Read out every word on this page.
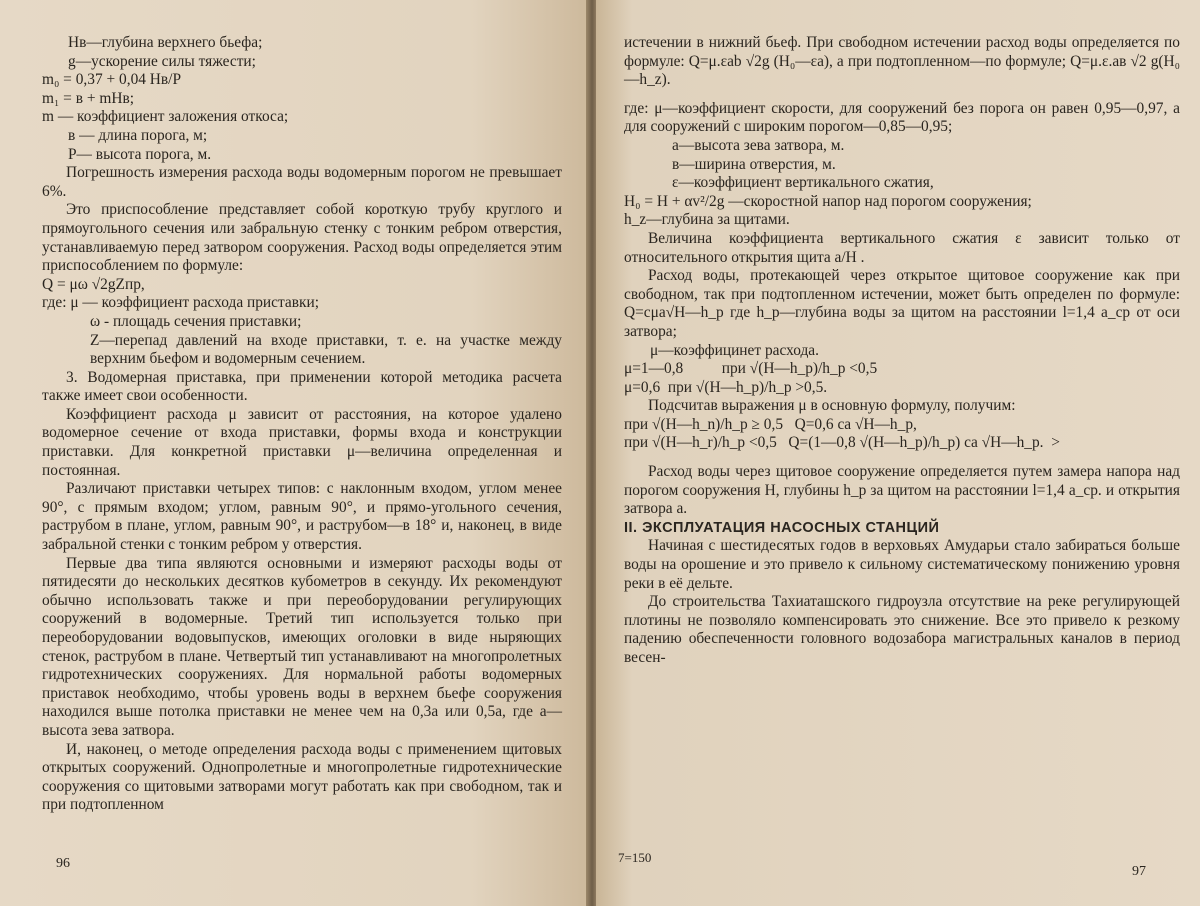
Hв—глубина верхнего бьефа;

g—ускорение силы тяжести;

m₀ = 0,37 + 0,04 Hв/P

m₁ = в + mHв;

m — коэффициент заложения откоса;

в — длина порога, м;

P— высота порога, м.

Погрешность измерения расхода воды водомерным порогом не превышает 6%.

Это приспособление представляет собой короткую трубу круглого и прямоугольного сечения или забральную стенку с тонким ребром отверстия, устанавливаемую перед затвором сооружения. Расход воды определяется этим приспособлением по формуле:

Q = μω √2gZпр,

где: μ — коэффициент расхода приставки;

ω - площадь сечения приставки;

Z—перепад давлений на входе приставки, т. е. на участке между верхним бьефом и водомерным сечением.

3. Водомерная приставка, при применении которой методика расчета также имеет свои особенности.

Коэффициент расхода μ зависит от расстояния, на которое удалено водомерное сечение от входа приставки, формы входа и конструкции приставки. Для конкретной приставки μ—величина определенная и постоянная.

Различают приставки четырех типов: с наклонным входом, углом менее 90°, с прямым входом; углом, равным 90°, и прямо-угольного сечения, раструбом в плане, углом, равным 90°, и раструбом—в 18° и, наконец, в виде забральной стенки с тонким ребром у отверстия.

Первые два типа являются основными и измеряют расходы воды от пятидесяти до нескольких десятков кубометров в секунду. Их рекомендуют обычно использовать также и при переоборудовании регулирующих сооружений в водомерные. Третий тип используется только при переоборудовании водовыпусков, имеющих оголовки в виде ныряющих стенок, раструбом в плане. Четвертый тип устанавливают на многопролетных гидротехнических сооружениях. Для нормальной работы водомерных приставок необходимо, чтобы уровень воды в верхнем бьефе сооружения находился выше потолка приставки не менее чем на 0,3а или 0,5а, где а—высота зева затвора.

И, наконец, о методе определения расхода воды с применением щитовых открытых сооружений. Однопролетные и многопролетные гидротехнические сооружения со щитовыми затворами могут работать как при свободном, так и при подтопленном

96

истечении в нижний бьеф. При свободном истечении расход воды определяется по формуле: Q=μ.εab √2g (H₀—εa), а при подтопленном—по формуле; Q=μ.ε.ав √2 g(H₀—h_z).

где: μ—коэффициент скорости, для сооружений без порога он равен 0,95—0,97, а для сооружений с широким порогом—0,85—0,95;

а—высота зева затвора, м.

в—ширина отверстия, м.

ε—коэффициент вертикального сжатия,

H₀ = H + αv²/2g —скоростной напор над порогом сооружения;

h_z—глубина за щитами.

Величина коэффициента вертикального сжатия ε зависит только от относительного открытия щита a/H .

Расход воды, протекающей через открытое щитовое сооружение как при свободном, так при подтопленном истечении, может быть определен по формуле: Q=cμa√H—h_p где h_p—глубина воды за щитом на расстоянии l=1,4 a_cp от оси затвора;

μ—коэффицинет расхода.

μ=1—0,8          при √(H—h_p)/h_p <0,5

μ=0,6  при √(H—h_p)/h_p >0,5.

Подсчитав выражения μ в основную формулу, получим:

при √(H—h_n)/h_p ≥ 0,5   Q=0,6 ca √H—h_p,

при √(H—h_r)/h_p <0,5   Q=(1—0,8 √(H—h_p)/h_p) ca √H—h_p.  >

Расход воды через щитовое сооружение определяется путем замера напора над порогом сооружения H, глубины h_p за щитом на расстоянии l=1,4 a_cp. и открытия затвора а.

II. ЭКСПЛУАТАЦИЯ НАСОСНЫХ СТАНЦИЙ

Начиная с шестидесятых годов в верховьях Амударьи стало забираться больше воды на орошение и это привело к сильному систематическому понижению уровня реки в её дельте.

До строительства Тахиаташского гидроузла отсутствие на реке регулирующей плотины не позволяло компенсировать это снижение. Все это привело к резкому падению обеспеченности головного водозабора магистральных каналов в период весен-

7=150
97
